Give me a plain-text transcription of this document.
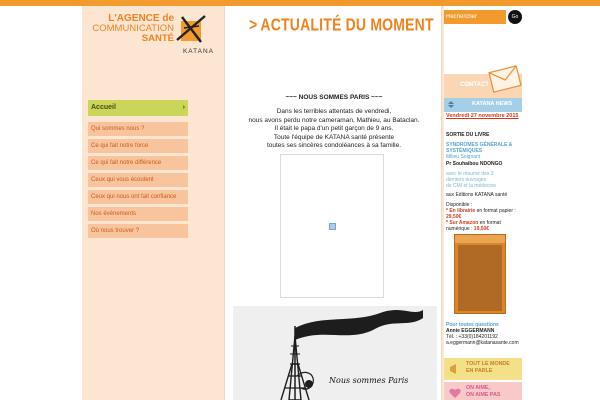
L'AGENCE de
COMMUNICATION
SANTÉ
KATANA
Accueil	›
Qui sommes nous ?
Ce qui fait notre force
Ce qui fait notre différence
Ceux qui vous écoutent
Ceux qui nous ont fait confiance
Nos évènements
Où nous trouver ?
> ACTUALITÉ DU MOMENT
~~~ NOUS SOMMES PARIS ~~~
Dans les terribles attentats de vendredi,
nous avons perdu notre cameraman, Mathieu, au Bataclan.
Il était le papa d'un petit garçon de 9 ans.
Toute l'équipe de KATANA santé présente
toutes ses sincères condoléances à sa famille.
Nous sommes Paris
Rechercher
Go
CONTACT
KATANA NEWS
Vendredi 27 novembre 2015
SORTIE DU LIVRE
SYNDROMES GÉNÉRALE &
SYSTÉMIQUES
Milieu Soignant
Pr Souhaibou NDONGO
avec le résumé des 3
derniers ouvrages
de CMI et la médecine
aux Editions KATANA santé
Disponible :
* En librairie en format papier : 29,50€
* Sur Amazon en format numérique : 19,50€
Pour toutes questions
Annie EGGERMANN
Tél. : +33(0)184201192
a.eggermann@katanasante.com
TOUT LE MONDE
EN PARLE
ON AIME,
ON AIME PAS
